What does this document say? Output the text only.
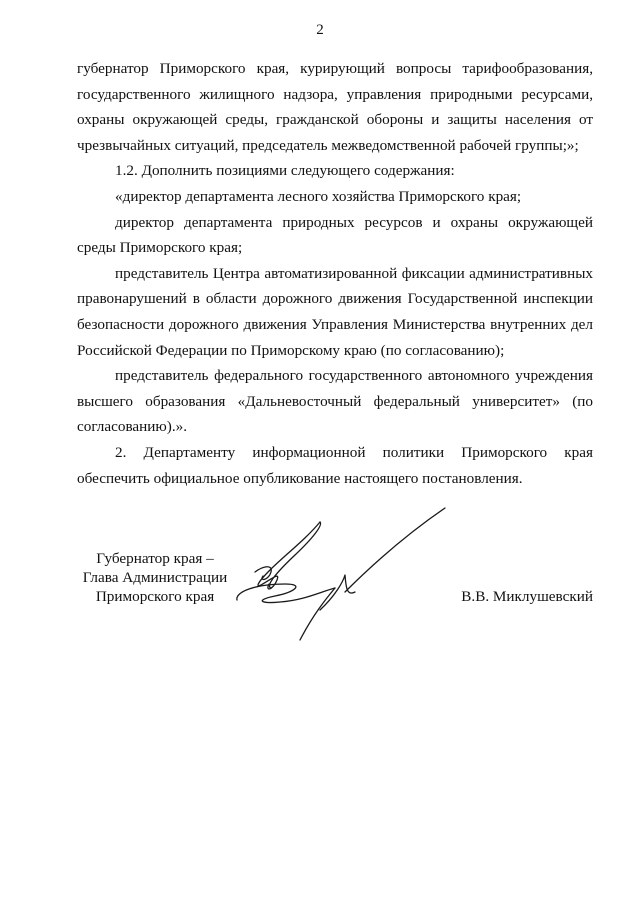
2

губернатор Приморского края, курирующий вопросы тарифообразования, государственного жилищного надзора, управления природными ресурсами, охраны окружающей среды, гражданской обороны и защиты населения от чрезвычайных ситуаций, председатель межведомственной рабочей группы;»;

1.2. Дополнить позициями следующего содержания:

«директор департамента лесного хозяйства Приморского края;

директор департамента природных ресурсов и охраны окружающей среды Приморского края;

представитель Центра автоматизированной фиксации административных правонарушений в области дорожного движения Государственной инспекции безопасности дорожного движения Управления Министерства внутренних дел Российской Федерации по Приморскому краю (по согласованию);

представитель федерального государственного автономного учреждения высшего образования «Дальневосточный федеральный университет» (по согласованию).».

2. Департаменту информационной политики Приморского края обеспечить официальное опубликование настоящего постановления.

Губернатор края –
Глава Администрации
Приморского края	В.В. Миклушевский
